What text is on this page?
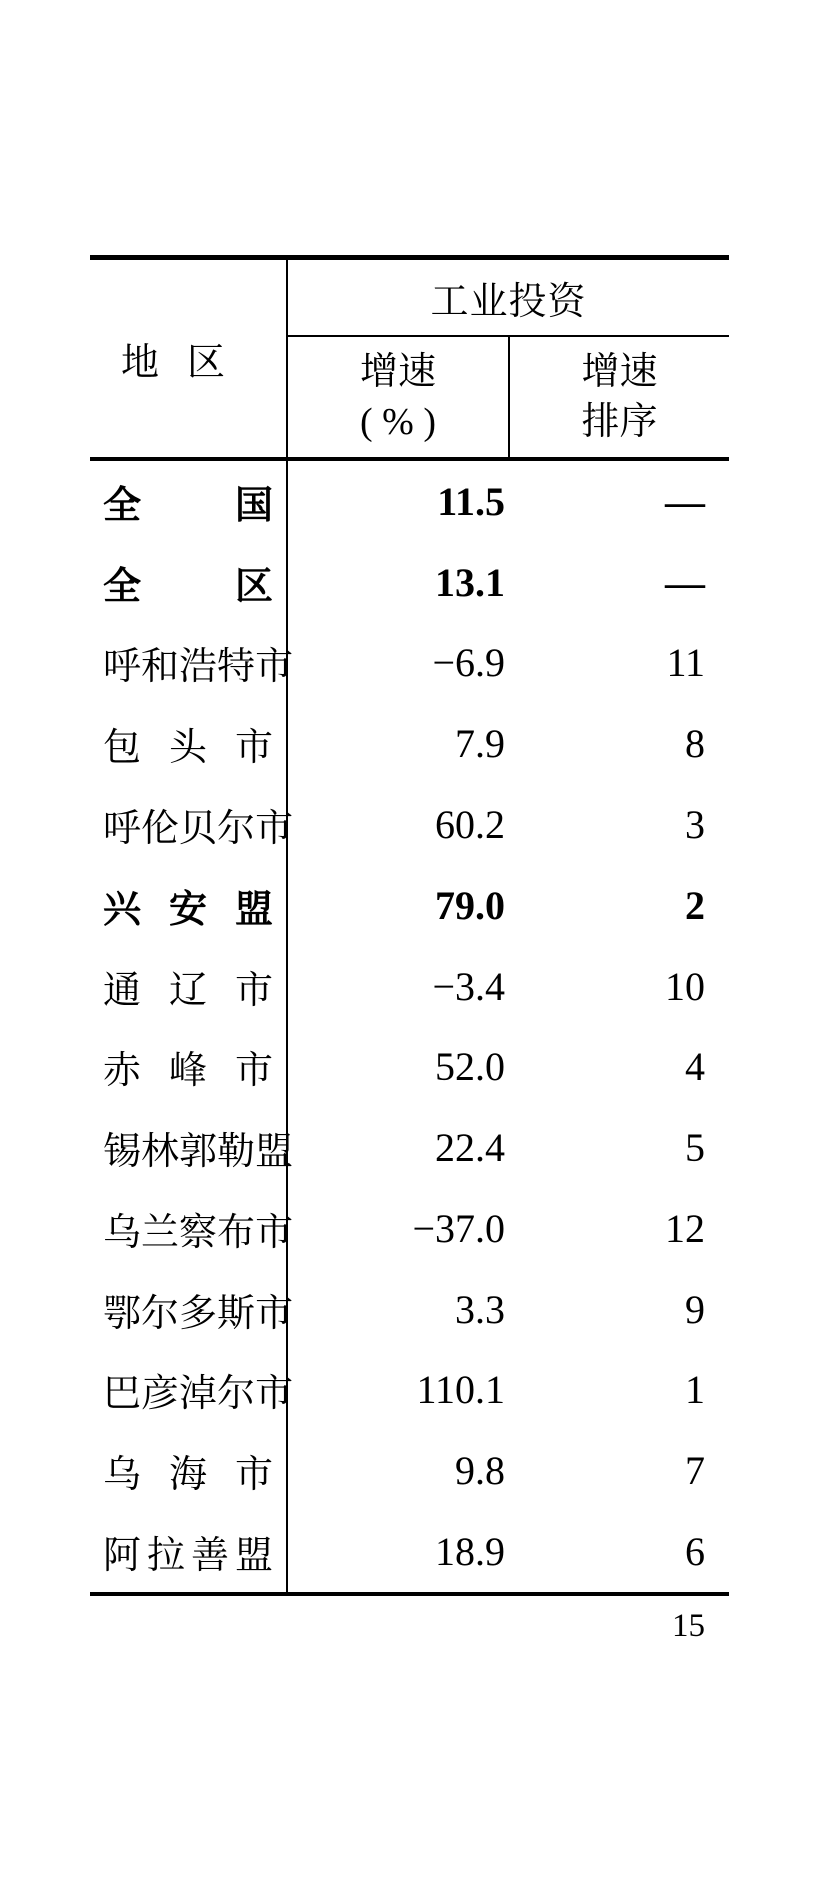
地 区
工业投资
增速
( % )
增速
排序
全 国	11.5	—
全 区	13.1	—
呼 和 浩 特 市	−6.9	11
包 头 市	7.9	8
呼 伦 贝 尔 市	60.2	3
兴 安 盟	79.0	2
通 辽 市	−3.4	10
赤 峰 市	52.0	4
锡 林 郭 勒 盟	22.4	5
乌 兰 察 布 市	−37.0	12
鄂 尔 多 斯 市	3.3	9
巴 彦 淖 尔 市	110.1	1
乌 海 市	9.8	7
阿 拉 善 盟	18.9	6
15
